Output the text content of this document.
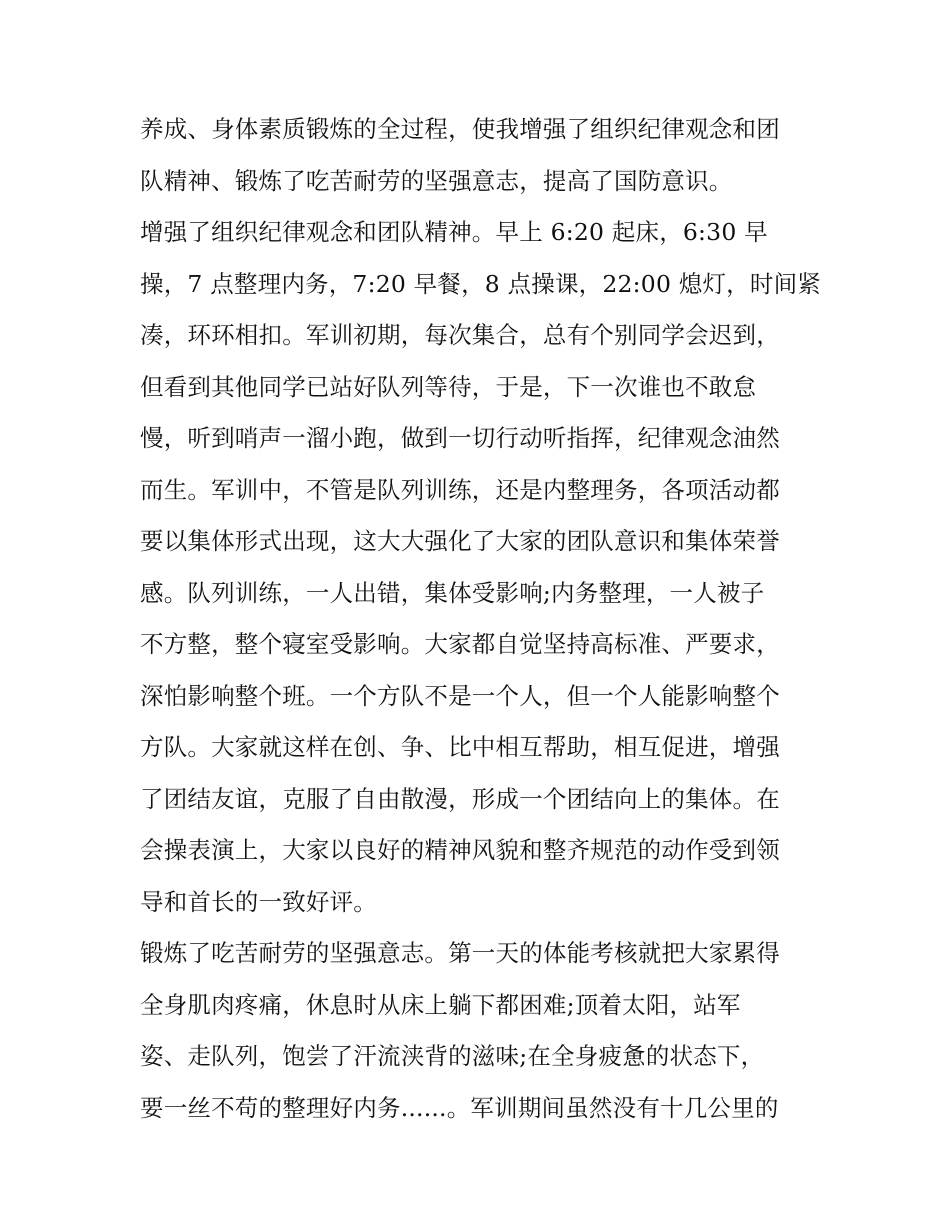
养成、身体素质锻炼的全过程，使我增强了组织纪律观念和团
队精神、锻炼了吃苦耐劳的坚强意志，提高了国防意识。
增强了组织纪律观念和团队精神。早上 6:20 起床，6:30 早
操，7 点整理内务，7:20 早餐，8 点操课，22:00 熄灯，时间紧
凑，环环相扣。军训初期，每次集合，总有个别同学会迟到，
但看到其他同学已站好队列等待，于是，下一次谁也不敢怠
慢，听到哨声一溜小跑，做到一切行动听指挥，纪律观念油然
而生。军训中，不管是队列训练，还是内整理务，各项活动都
要以集体形式出现，这大大强化了大家的团队意识和集体荣誉
感。队列训练，一人出错，集体受影响;内务整理，一人被子
不方整，整个寝室受影响。大家都自觉坚持高标准、严要求，
深怕影响整个班。一个方队不是一个人，但一个人能影响整个
方队。大家就这样在创、争、比中相互帮助，相互促进，增强
了团结友谊，克服了自由散漫，形成一个团结向上的集体。在
会操表演上，大家以良好的精神风貌和整齐规范的动作受到领
导和首长的一致好评。
锻炼了吃苦耐劳的坚强意志。第一天的体能考核就把大家累得
全身肌肉疼痛，休息时从床上躺下都困难;顶着太阳，站军
姿、走队列，饱尝了汗流浃背的滋味;在全身疲惫的状态下，
要一丝不苟的整理好内务......。军训期间虽然没有十几公里的
